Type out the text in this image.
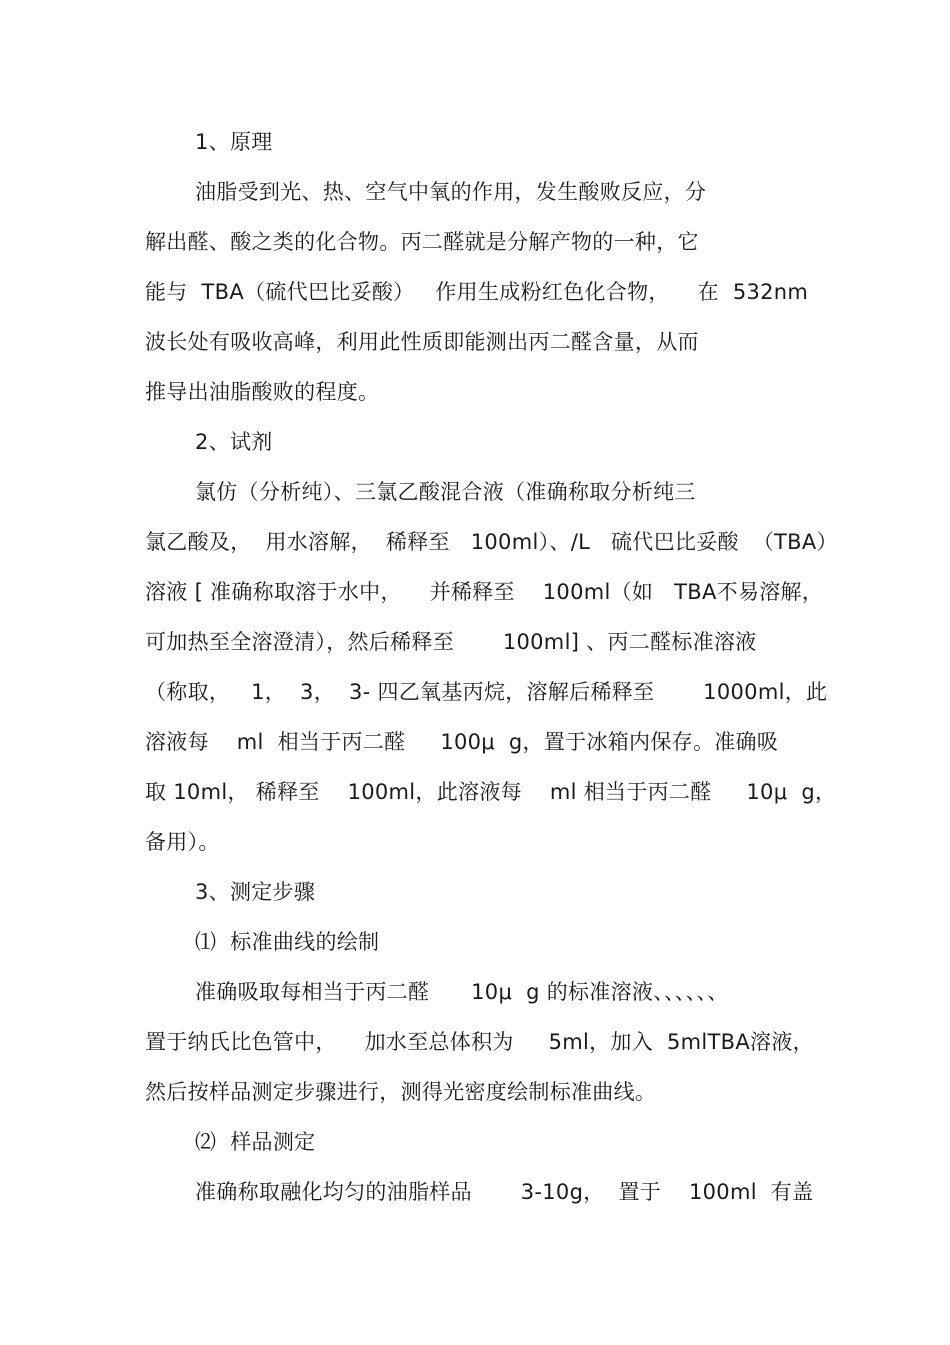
1、原理
油脂受到光、热、空气中氧的作用，发生酸败反应，分
解出醛、酸之类的化合物。丙二醛就是分解产物的一种，它
能与  TBA（硫代巴比妥酸）   作用生成粉红色化合物，    在  532nm
波长处有吸收高峰，利用此性质即能测出丙二醛含量，从而
推导出油脂酸败的程度。
2、试剂
氯仿（分析纯）、三氯乙酸混合液（准确称取分析纯三
氯乙酸及，  用水溶解，  稀释至   100ml）、/L   硫代巴比妥酸  （TBA）
溶液 [ 准确称取溶于水中，    并稀释至    100ml（如   TBA不易溶解，
可加热至全溶澄清），然后稀释至       100ml] 、丙二醛标准溶液
（称取，   1，  3，  3- 四乙氧基丙烷，溶解后稀释至       1000ml，此
溶液每    ml  相当于丙二醛     100μ  g，置于冰箱内保存。准确吸
取 10ml， 稀释至    100ml，此溶液每    ml 相当于丙二醛     10μ  g，
备用）。
3、测定步骤
⑴  标准曲线的绘制
准确吸取每相当于丙二醛      10μ  g 的标准溶液、、、、、、
置于纳氏比色管中，    加水至总体积为     5ml，加入  5mlTBA溶液，
然后按样品测定步骤进行，测得光密度绘制标准曲线。
⑵  样品测定
准确称取融化均匀的油脂样品       3-10g，  置于    100ml  有盖
